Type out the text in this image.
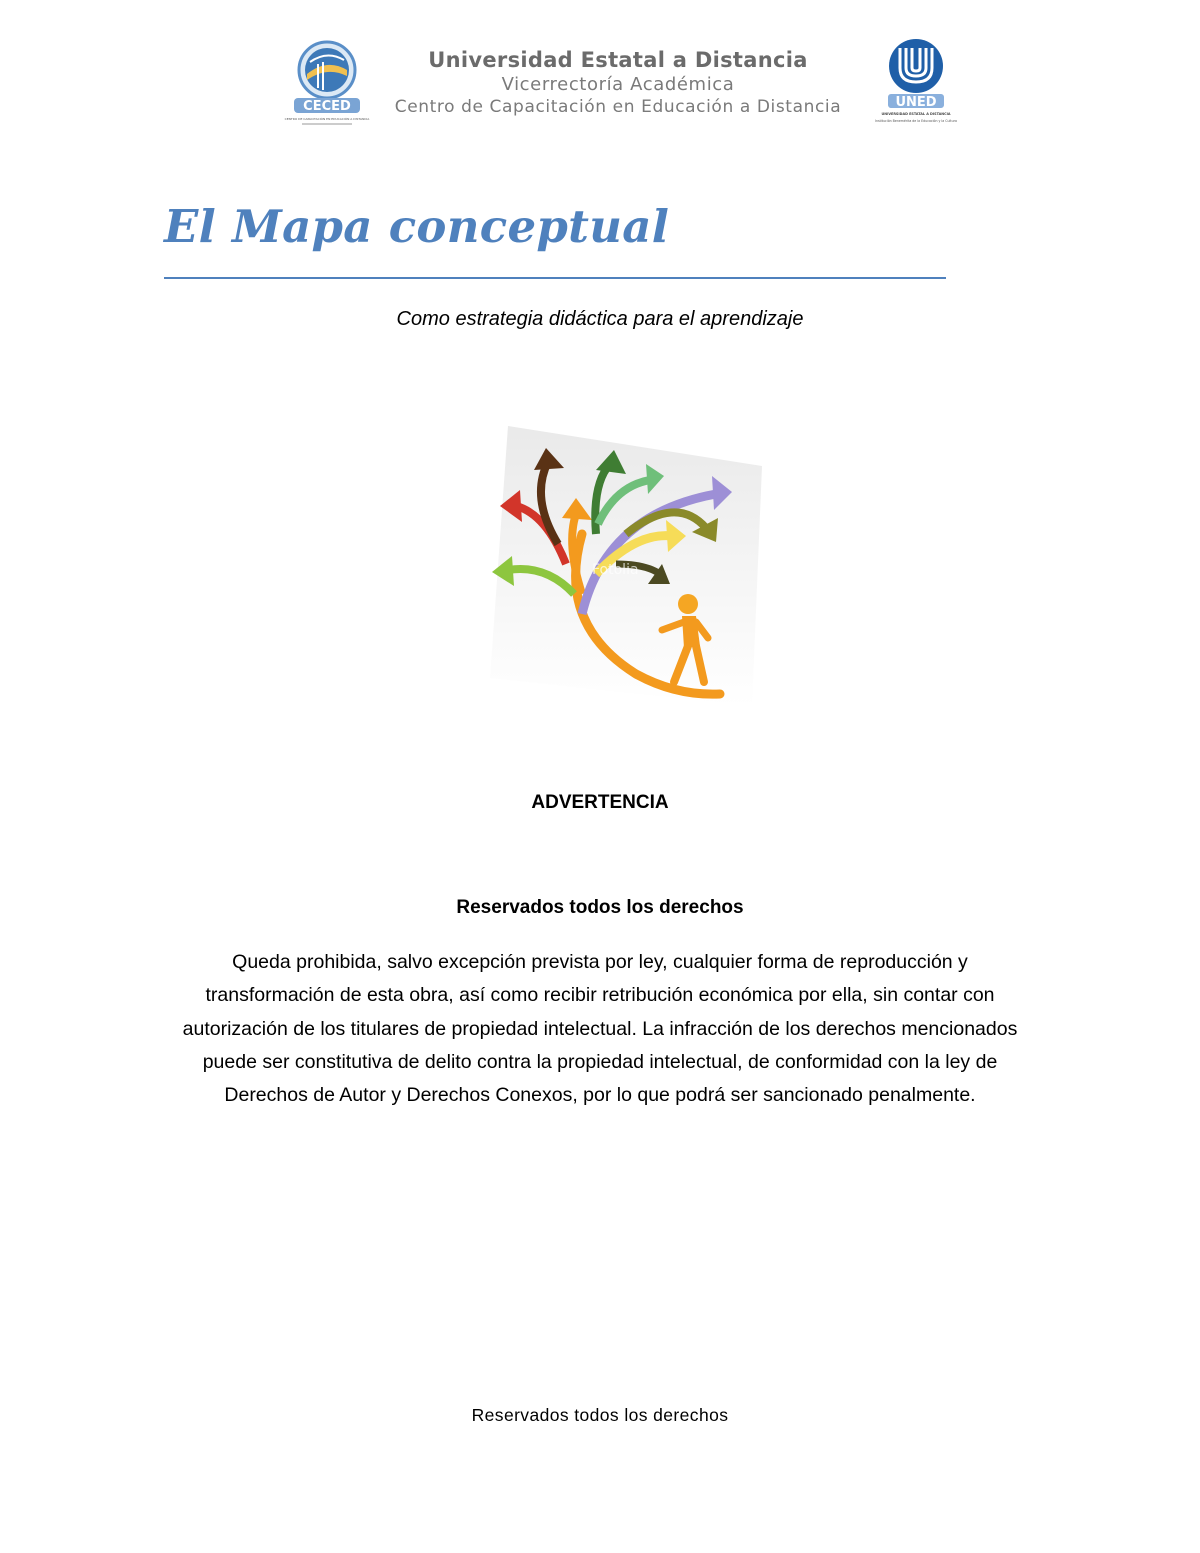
CECED
CENTRO DE CAPACITACIÓN EN EDUCACIÓN A DISTANCIA
Universidad Estatal a Distancia
Vicerrectoría Académica
Centro de Capacitación en Educación a Distancia	UNED
UNIVERSIDAD ESTATAL A DISTANCIA
Institución Benemérita de la Educación y la Cultura
El Mapa conceptual
Como estrategia didáctica para el aprendizaje
Fotolia
ADVERTENCIA
Reservados todos los derechos
Queda prohibida, salvo excepción prevista por ley, cualquier forma de reproducción y transformación de esta obra, así como recibir retribución económica por ella, sin contar con autorización de los titulares de propiedad intelectual. La infracción de los derechos mencionados puede ser constitutiva de delito contra la propiedad intelectual, de conformidad con la ley de Derechos de Autor y Derechos Conexos, por lo que podrá ser sancionado penalmente.
Reservados todos los derechos
